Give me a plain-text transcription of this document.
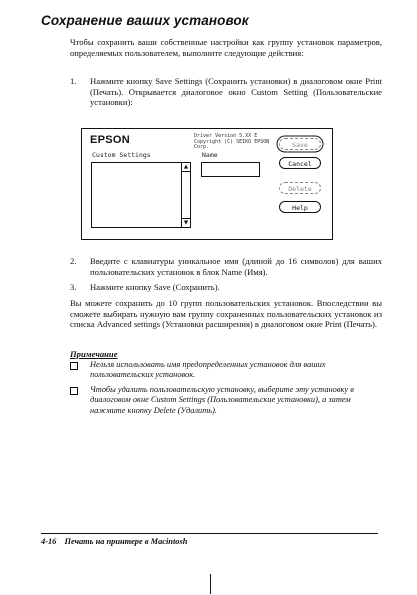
Сохранение ваших установок

Чтобы сохранить ваши собственные настройки как группу установок параметров, определяемых пользователем, выполните следующие действия:

1. Нажмите кнопку Save Settings (Сохранить установки) в диалоговом окне Print (Печать). Открывается диалоговое окно Custom Setting (Пользовательские установки):
EPSON	Driver Version 5.XX E Copyright (C) SEIKO EPSON Corp.
Custom Settings	Name
▲
▼
Save
Cancel
Delete
Help
2. Введите с клавиатуры уникальное имя (длиной до 16 символов) для ваших пользовательских установок в блок Name (Имя).
3. Нажмите кнопку Save (Сохранить).

Вы можете сохранить до 10 групп пользовательских установок. Впоследствии вы сможете выбирать нужную вам группу сохраненных пользовательских установок из списка Advanced settings (Установки расширения) в диалоговом окне Print (Печать).

Примечание

Нельзя использовать имя предопределенных установок для ваших пользовательских установок.
Чтобы удалить пользовательскую установку, выберите эту установку в диалоговом окне Custom Settings (Пользовательские установки), а затем нажмите кнопку Delete (Удалить).
4-16 Печать на принтере в Macintosh
